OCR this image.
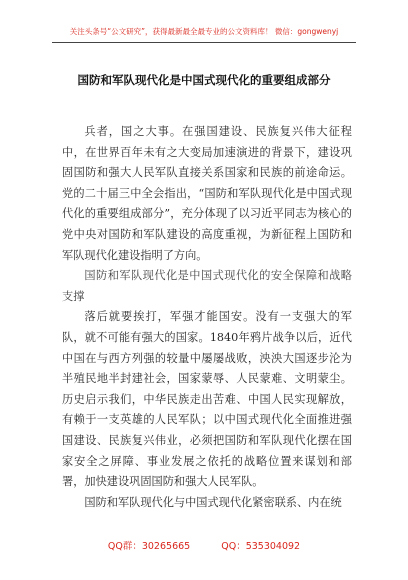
关注头条号“公文研究”，获得最新最全最专业的公文资料库！ 微信：gongwenyj
国防和军队现代化是中国式现代化的重要组成部分

兵者，国之大事。在强国建设、民族复兴伟大征程中，在世界百年未有之大变局加速演进的背景下，建设巩固国防和强大人民军队直接关系国家和民族的前途命运。党的二十届三中全会指出，“国防和军队现代化是中国式现代化的重要组成部分”，充分体现了以习近平同志为核心的党中央对国防和军队建设的高度重视，为新征程上国防和军队现代化建设指明了方向。

国防和军队现代化是中国式现代化的安全保障和战略支撑

落后就要挨打，军强才能国安。没有一支强大的军队，就不可能有强大的国家。1840年鸦片战争以后，近代中国在与西方列强的较量中屡屡战败，泱泱大国逐步沦为半殖民地半封建社会，国家蒙辱、人民蒙难、文明蒙尘。历史启示我们，中华民族走出苦难、中国人民实现解放，有赖于一支英雄的人民军队；以中国式现代化全面推进强国建设、民族复兴伟业，必须把国防和军队现代化摆在国家安全之屏障、事业发展之依托的战略位置来谋划和部署，加快建设巩固国防和强大人民军队。

国防和军队现代化与中国式现代化紧密联系、内在统

QQ群：30265665	QQ：535304092
